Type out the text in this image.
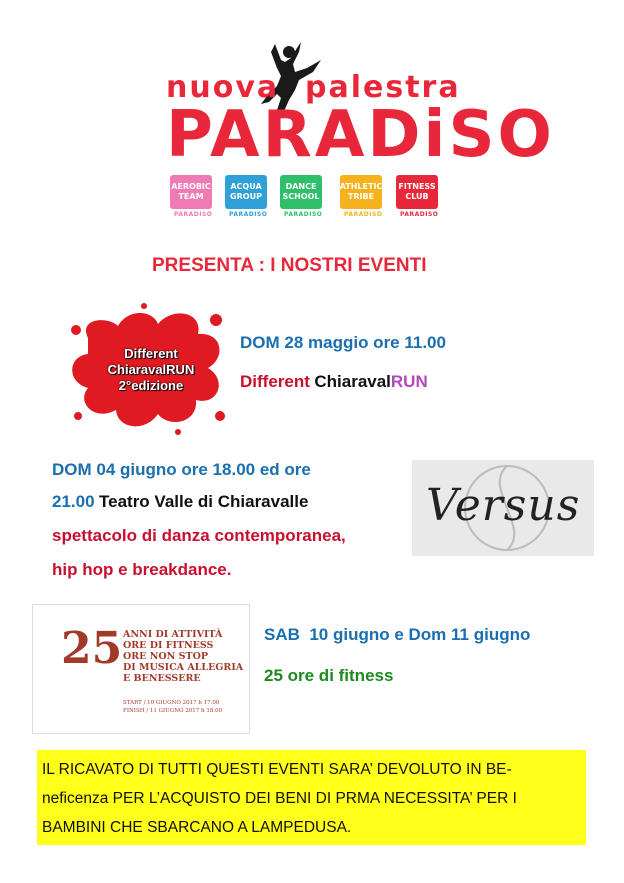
nuova palestra
PARADiSO
AEROBIC TEAM
PARADISO
ACQUA GROUP
PARADISO
DANCE SCHOOL
PARADISO
ATHLETIC TRIBE
PARADISO
FITNESS CLUB
PARADISO
PRESENTA : I NOSTRI EVENTI
Different
ChiaravalRUN
2°edizione
DOM 28 maggio ore 11.00
Different ChiaravalRUN
DOM 04 giugno ore 18.00 ed ore
21.00 Teatro Valle di Chiaravalle
spettacolo di danza contemporanea,
hip hop e breakdance.
Versus
25 ANNI DI ATTIVITÀ
ORE DI FITNESS
ORE NON STOP
DI MUSICA ALLEGRIA
E BENESSERE
START / 10 GIUGNO 2017 h 17.00
FINISH / 11 GIUGNO 2017 h 18.00
SAB  10 giugno e Dom 11 giugno
25 ore di fitness
IL RICAVATO DI TUTTI QUESTI EVENTI SARA’ DEVOLUTO IN BE-
neficenza PER L’ACQUISTO DEI BENI DI PRMA NECESSITA’ PER I
BAMBINI CHE SBARCANO A LAMPEDUSA.
